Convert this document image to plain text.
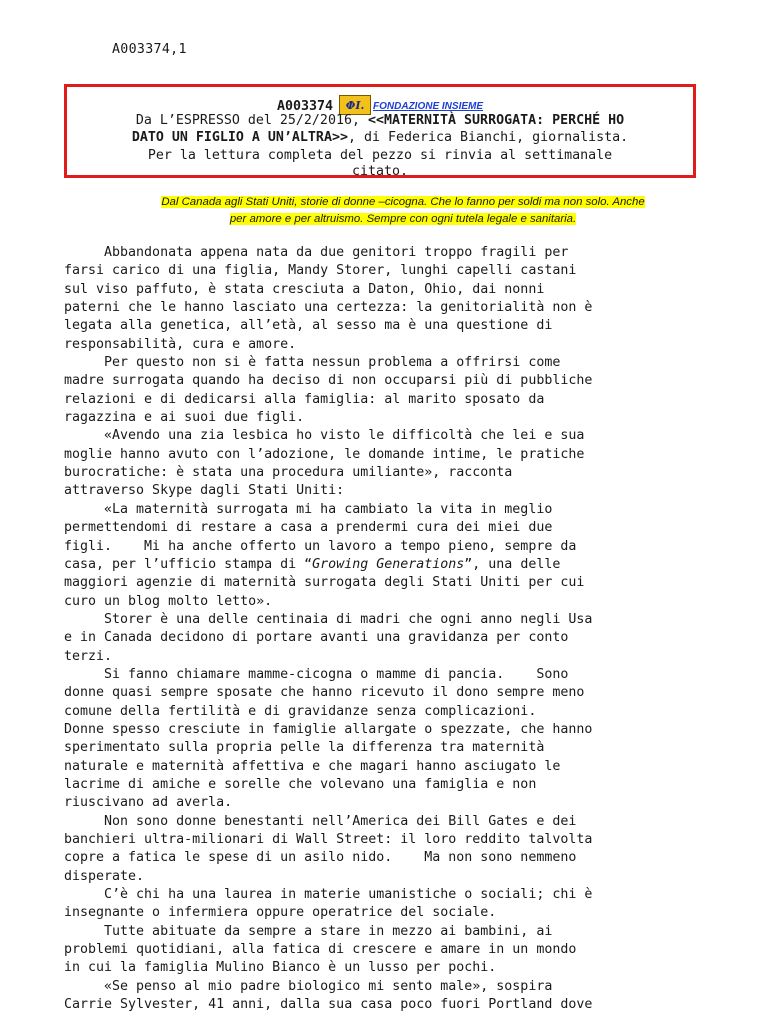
A003374,1
A003374	ΦI. FONDAZIONE INSIEME
Da L’ESPRESSO del 25/2/2016, <<MATERNITÀ SURROGATA: PERCHÉ HO
DATO UN FIGLIO A UN’ALTRA>>, di Federica Bianchi, giornalista.
Per la lettura completa del pezzo si rinvia al settimanale
citato.
Dal Canada agli Stati Uniti, storie di donne –cicogna. Che lo fanno per soldi ma non solo. Anche
per amore e per altruismo. Sempre con ogni tutela legale e sanitaria.

Abbandonata appena nata da due genitori troppo fragili per

farsi carico di una figlia, Mandy Storer, lunghi capelli castani

sul viso paffuto, è stata cresciuta a Daton, Ohio, dai nonni

paterni che le hanno lasciato una certezza: la genitorialità non è

legata alla genetica, all’età, al sesso ma è una questione di

responsabilità, cura e amore.

Per questo non si è fatta nessun problema a offrirsi come

madre surrogata quando ha deciso di non occuparsi più di pubbliche

relazioni e di dedicarsi alla famiglia: al marito sposato da

ragazzina e ai suoi due figli.

«Avendo una zia lesbica ho visto le difficoltà che lei e sua

moglie hanno avuto con l’adozione, le domande intime, le pratiche

burocratiche: è stata una procedura umiliante», racconta

attraverso Skype dagli Stati Uniti:

«La maternità surrogata mi ha cambiato la vita in meglio

permettendomi di restare a casa a prendermi cura dei miei due

figli.    Mi ha anche offerto un lavoro a tempo pieno, sempre da

casa, per l’ufficio stampa di “Growing Generations”, una delle

maggiori agenzie di maternità surrogata degli Stati Uniti per cui

curo un blog molto letto».

Storer è una delle centinaia di madri che ogni anno negli Usa

e in Canada decidono di portare avanti una gravidanza per conto

terzi.

Si fanno chiamare mamme-cicogna o mamme di pancia.    Sono

donne quasi sempre sposate che hanno ricevuto il dono sempre meno

comune della fertilità e di gravidanze senza complicazioni.

Donne spesso cresciute in famiglie allargate o spezzate, che hanno

sperimentato sulla propria pelle la differenza tra maternità

naturale e maternità affettiva e che magari hanno asciugato le

lacrime di amiche e sorelle che volevano una famiglia e non

riuscivano ad averla.

Non sono donne benestanti nell’America dei Bill Gates e dei

banchieri ultra-milionari di Wall Street: il loro reddito talvolta

copre a fatica le spese di un asilo nido.    Ma non sono nemmeno

disperate.

C’è chi ha una laurea in materie umanistiche o sociali; chi è

insegnante o infermiera oppure operatrice del sociale.

Tutte abituate da sempre a stare in mezzo ai bambini, ai

problemi quotidiani, alla fatica di crescere e amare in un mondo

in cui la famiglia Mulino Bianco è un lusso per pochi.

«Se penso al mio padre biologico mi sento male», sospira

Carrie Sylvester, 41 anni, dalla sua casa poco fuori Portland dove
